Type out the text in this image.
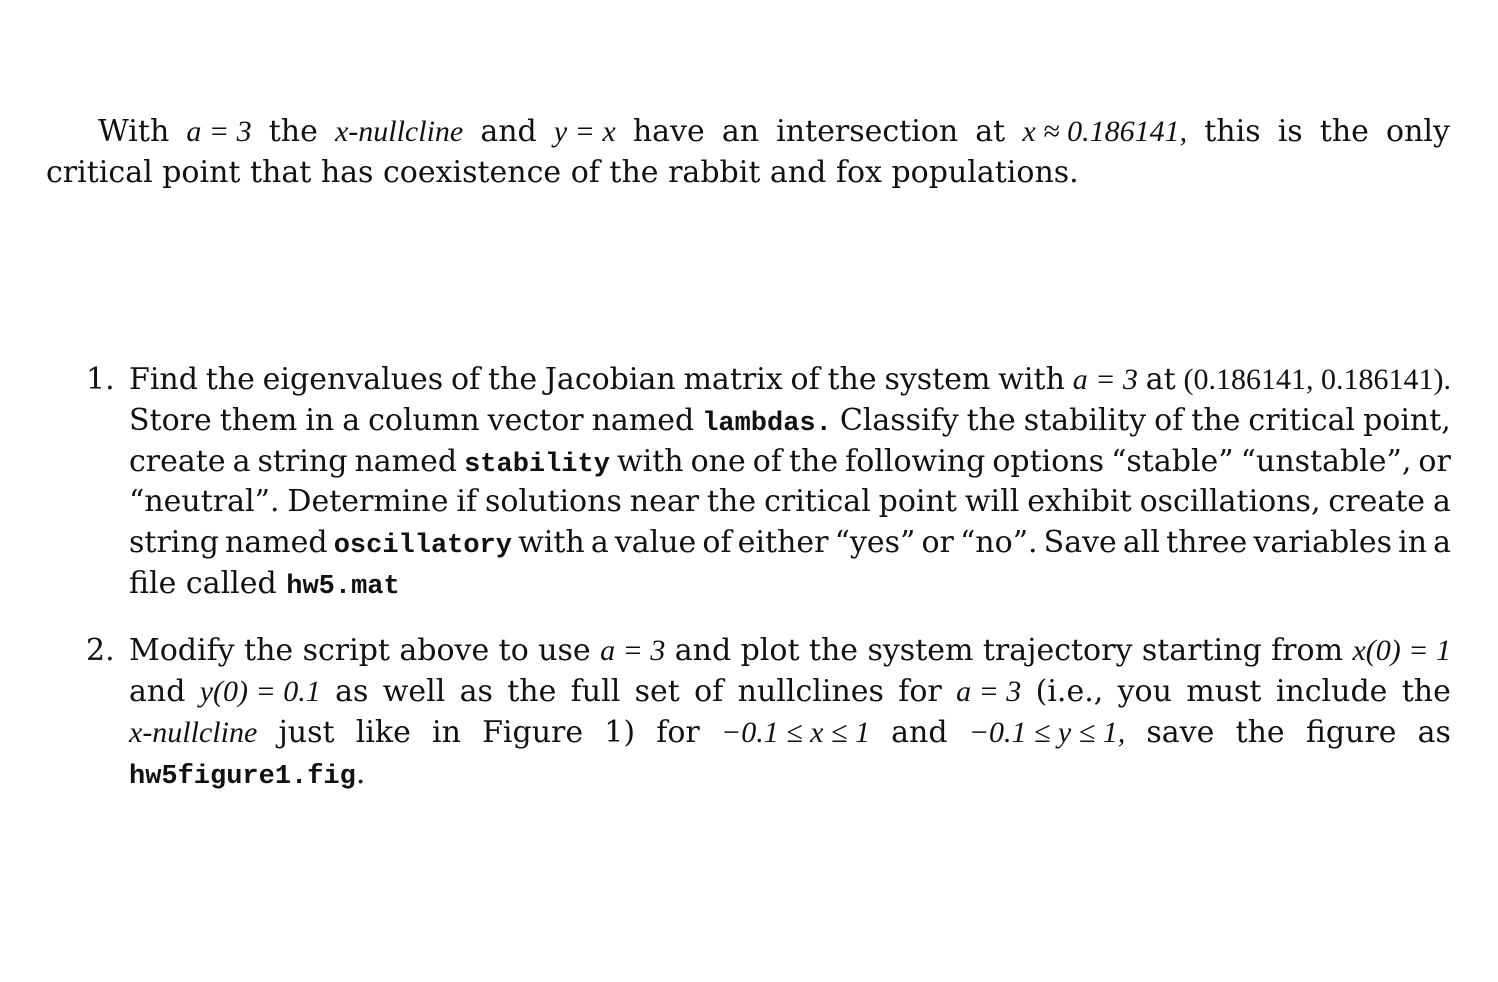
With a = 3 the x-nullcline and y = x have an intersection at x ≈ 0.186141, this is the only
critical point that has coexistence of the rabbit and fox populations.
1. Find the eigenvalues of the Jacobian matrix of the system with a = 3 at (0.186141, 0.186141).
Store them in a column vector named lambdas. Classify the stability of the critical point,
create a string named stability with one of the following options “stable” “unstable”, or
“neutral”. Determine if solutions near the critical point will exhibit oscillations, create a
string named oscillatory with a value of either “yes” or “no”. Save all three variables in a
file called hw5.mat
2. Modify the script above to use a = 3 and plot the system trajectory starting from x(0) = 1
and y(0) = 0.1 as well as the full set of nullclines for a = 3 (i.e., you must include the
x-nullcline just like in Figure 1) for −0.1 ≤ x ≤ 1 and −0.1 ≤ y ≤ 1, save the figure as
hw5figure1.fig.
